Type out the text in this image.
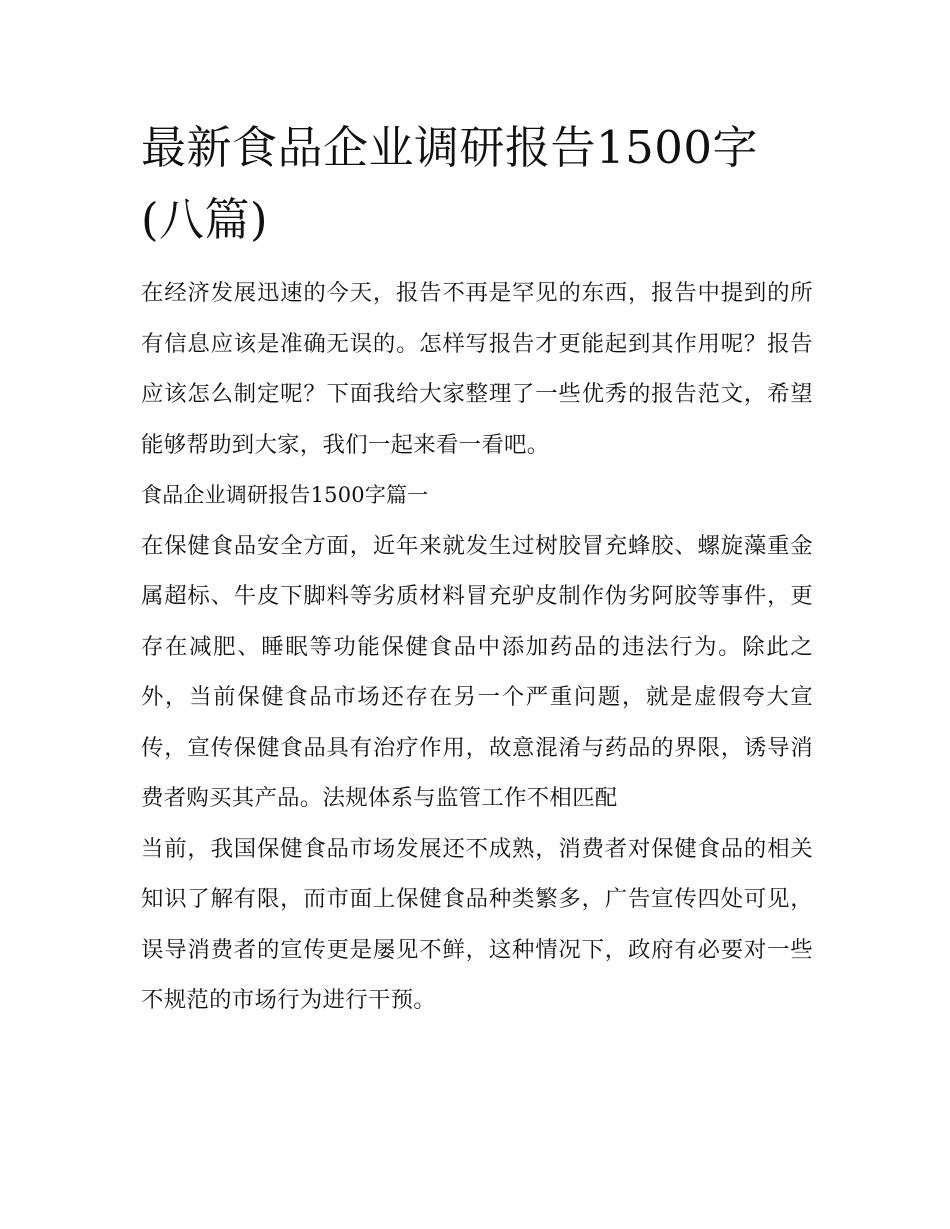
最新食品企业调研报告1500字(八篇)

在经济发展迅速的今天，报告不再是罕见的东西，报告中提到的所有信息应该是准确无误的。怎样写报告才更能起到其作用呢？报告应该怎么制定呢？下面我给大家整理了一些优秀的报告范文，希望能够帮助到大家，我们一起来看一看吧。

食品企业调研报告1500字篇一

在保健食品安全方面，近年来就发生过树胶冒充蜂胶、螺旋藻重金属超标、牛皮下脚料等劣质材料冒充驴皮制作伪劣阿胶等事件，更存在减肥、睡眠等功能保健食品中添加药品的违法行为。除此之外，当前保健食品市场还存在另一个严重问题，就是虚假夸大宣传，宣传保健食品具有治疗作用，故意混淆与药品的界限，诱导消费者购买其产品。法规体系与监管工作不相匹配

当前，我国保健食品市场发展还不成熟，消费者对保健食品的相关知识了解有限，而市面上保健食品种类繁多，广告宣传四处可见，误导消费者的宣传更是屡见不鲜，这种情况下，政府有必要对一些不规范的市场行为进行干预。
